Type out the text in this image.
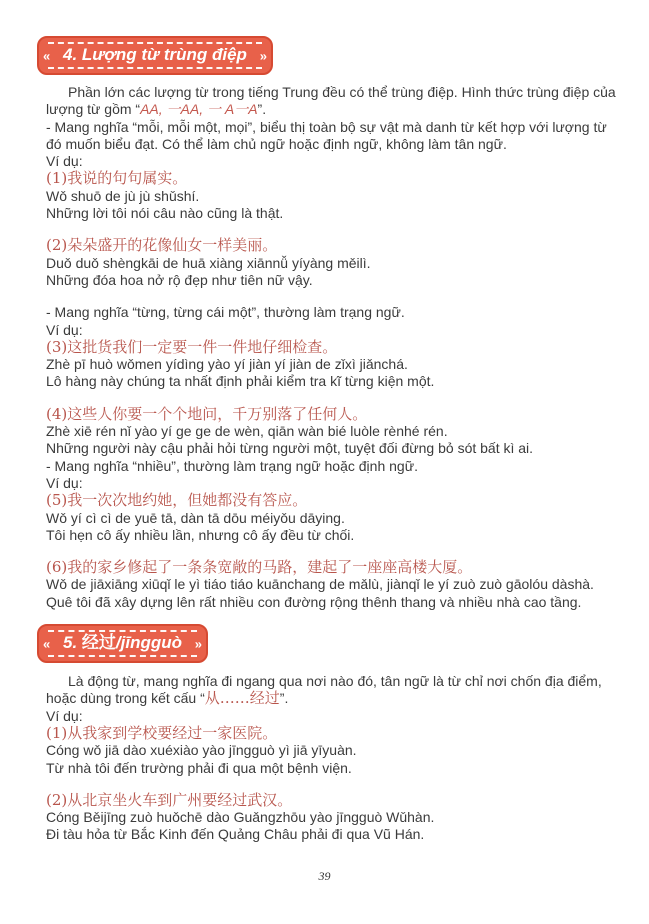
«	»
4. Lượng từ trùng điệp

Phần lớn các lượng từ trong tiếng Trung đều có thể trùng điệp. Hình thức trùng điệp của
lượng từ gồm “AA, 一AA, 一 A一A”.
- Mang nghĩa “mỗi, mỗi một, mọi”, biểu thị toàn bộ sự vật mà danh từ kết hợp với lượng từ
đó muốn biểu đạt. Có thể làm chủ ngữ hoặc định ngữ, không làm tân ngữ.
Ví dụ:
(1)我说的句句属实。
Wǒ shuō de jù jù shǔshí.
Những lời tôi nói câu nào cũng là thật.
(2)朵朵盛开的花像仙女一样美丽。
Duǒ duǒ shèngkāi de huā xiàng xiānnǚ yíyàng měilì.
Những đóa hoa nở rộ đẹp như tiên nữ vậy.
- Mang nghĩa “từng, từng cái một”, thường làm trạng ngữ.
Ví dụ:
(3)这批货我们一定要一件一件地仔细检查。
Zhè pī huò wǒmen yídìng yào yí jiàn yí jiàn de zǐxì jiǎnchá.
Lô hàng này chúng ta nhất định phải kiểm tra kĩ từng kiện một.
(4)这些人你要一个个地问，千万别落了任何人。
Zhè xiē rén nǐ yào yí ge ge de wèn, qiān wàn bié luòle rènhé rén.
Những người này cậu phải hỏi từng người một, tuyệt đối đừng bỏ sót bất kì ai.
- Mang nghĩa “nhiều”, thường làm trạng ngữ hoặc định ngữ.
Ví dụ:
(5)我一次次地约她，但她都没有答应。
Wǒ yí cì cì de yuē tā, dàn tā dōu méiyǒu dāying.
Tôi hẹn cô ấy nhiều lần, nhưng cô ấy đều từ chối.
(6)我的家乡修起了一条条宽敞的马路，建起了一座座高楼大厦。
Wǒ de jiāxiāng xiūqǐ le yì tiáo tiáo kuānchang de mǎlù, jiànqǐ le yí zuò zuò gāolóu dàshà.
Quê tôi đã xây dựng lên rất nhiều con đường rộng thênh thang và nhiều nhà cao tầng.
«	»
5. 经过/jīngguò

Là động từ, mang nghĩa đi ngang qua nơi nào đó, tân ngữ là từ chỉ nơi chốn địa điểm,
hoặc dùng trong kết cấu “从……经过”.
Ví dụ:
(1)从我家到学校要经过一家医院。
Cóng wǒ jiā dào xuéxiào yào jīngguò yì jiā yīyuàn.
Từ nhà tôi đến trường phải đi qua một bệnh viện.
(2)从北京坐火车到广州要经过武汉。
Cóng Běijīng zuò huǒchē dào Guǎngzhōu yào jīngguò Wǔhàn.
Đi tàu hỏa từ Bắc Kinh đến Quảng Châu phải đi qua Vũ Hán.
39
